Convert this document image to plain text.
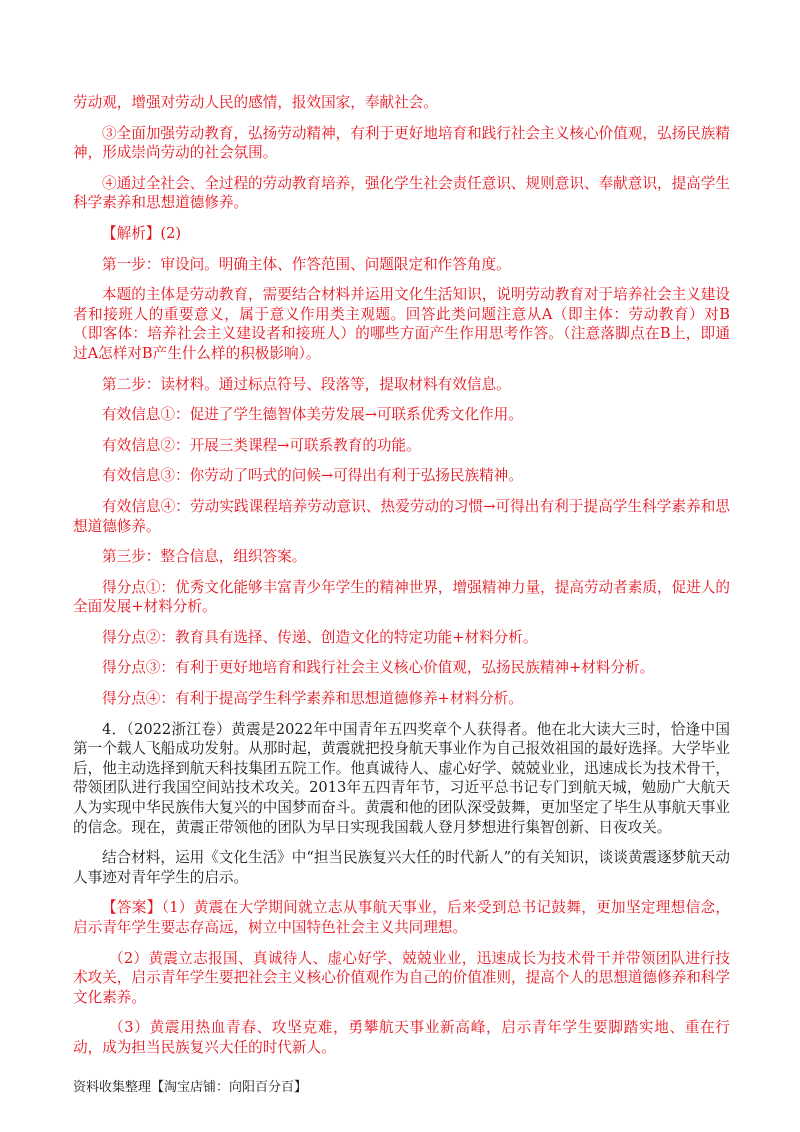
劳动观，增强对劳动人民的感情，报效国家，奉献社会。

③全面加强劳动教育，弘扬劳动精神，有利于更好地培育和践行社会主义核心价值观，弘扬民族精神，形成崇尚劳动的社会氛围。

④通过全社会、全过程的劳动教育培养，强化学生社会责任意识、规则意识、奉献意识，提高学生科学素养和思想道德修养。

【解析】(2)

第一步：审设问。明确主体、作答范围、问题限定和作答角度。

本题的主体是劳动教育，需要结合材料并运用文化生活知识，说明劳动教育对于培养社会主义建设者和接班人的重要意义，属于意义作用类主观题。回答此类问题注意从A（即主体：劳动教育）对B（即客体：培养社会主义建设者和接班人）的哪些方面产生作用思考作答。（注意落脚点在B上，即通过A怎样对B产生什么样的积极影响）。

第二步：读材料。通过标点符号、段落等，提取材料有效信息。

有效信息①：促进了学生德智体美劳发展→可联系优秀文化作用。

有效信息②：开展三类课程→可联系教育的功能。

有效信息③：你劳动了吗式的问候→可得出有利于弘扬民族精神。

有效信息④：劳动实践课程培养劳动意识、热爱劳动的习惯→可得出有利于提高学生科学素养和思想道德修养。

第三步：整合信息，组织答案。

得分点①：优秀文化能够丰富青少年学生的精神世界，增强精神力量，提高劳动者素质，促进人的全面发展+材料分析。

得分点②：教育具有选择、传递、创造文化的特定功能+材料分析。

得分点③：有利于更好地培育和践行社会主义核心价值观，弘扬民族精神+材料分析。

得分点④：有利于提高学生科学素养和思想道德修养+材料分析。

4．（2022浙江卷）黄震是2022年中国青年五四奖章个人获得者。他在北大读大三时，恰逢中国第一个载人飞船成功发射。从那时起，黄震就把投身航天事业作为自己报效祖国的最好选择。大学毕业后，他主动选择到航天科技集团五院工作。他真诚待人、虚心好学、兢兢业业，迅速成长为技术骨干，带领团队进行我国空间站技术攻关。2013年五四青年节，习近平总书记专门到航天城，勉励广大航天人为实现中华民族伟大复兴的中国梦而奋斗。黄震和他的团队深受鼓舞，更加坚定了毕生从事航天事业的信念。现在，黄震正带领他的团队为早日实现我国载人登月梦想进行集智创新、日夜攻关。

结合材料，运用《文化生活》中“担当民族复兴大任的时代新人”的有关知识，谈谈黄震逐梦航天动人事迹对青年学生的启示。

【答案】（1）黄震在大学期间就立志从事航天事业，后来受到总书记鼓舞，更加坚定理想信念，启示青年学生要志存高远，树立中国特色社会主义共同理想。

（2）黄震立志报国、真诚待人、虚心好学、兢兢业业，迅速成长为技术骨干并带领团队进行技术攻关，启示青年学生要把社会主义核心价值观作为自己的价值准则，提高个人的思想道德修养和科学文化素养。

（3）黄震用热血青春、攻坚克难，勇攀航天事业新高峰，启示青年学生要脚踏实地、重在行动，成为担当民族复兴大任的时代新人。

资料收集整理【淘宝店铺：向阳百分百】
